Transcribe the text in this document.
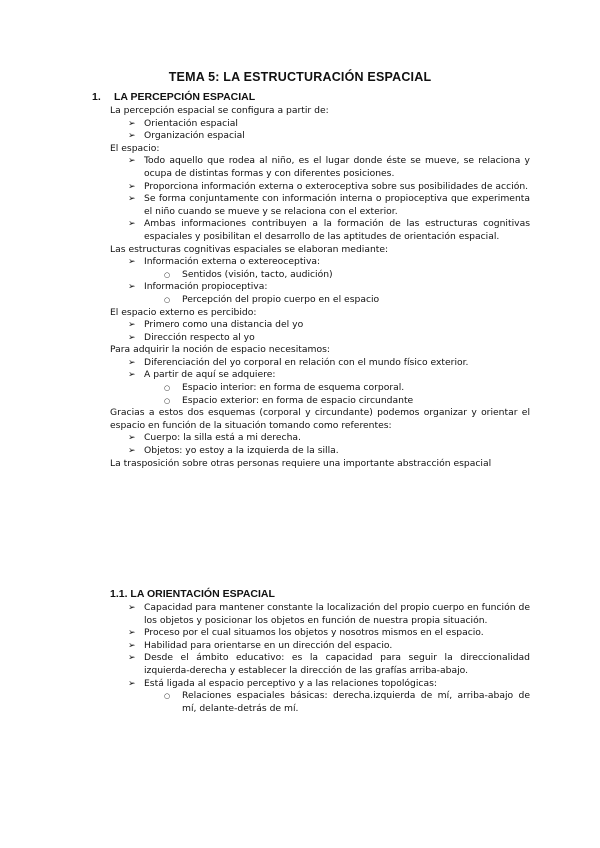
TEMA 5: LA ESTRUCTURACIÓN ESPACIAL
1. LA PERCEPCIÓN ESPACIAL

La percepción espacial se configura a partir de:

➢ Orientación espacial
➢ Organización espacial

El espacio:

➢ Todo aquello que rodea al niño, es el lugar donde éste se mueve, se relaciona y ocupa de distintas formas y con diferentes posiciones.
➢ Proporciona información externa o exteroceptiva sobre sus posibilidades de acción.
➢ Se forma conjuntamente con información interna o propioceptiva que experimenta el niño cuando se mueve y se relaciona con el exterior.
➢ Ambas informaciones contribuyen a la formación de las estructuras cognitivas espaciales y posibilitan el desarrollo de las aptitudes de orientación espacial.

Las estructuras cognitivas espaciales se elaboran mediante:

➢ Información externa o extereoceptiva:
○ Sentidos (visión, tacto, audición)
➢ Información propioceptiva:
○ Percepción del propio cuerpo en el espacio

El espacio externo es percibido:

➢ Primero como una distancia del yo
➢ Dirección respecto al yo

Para adquirir la noción de espacio necesitamos:

➢ Diferenciación del yo corporal en relación con el mundo físico exterior.
➢ A partir de aquí se adquiere:
○ Espacio interior: en forma de esquema corporal.
○ Espacio exterior: en forma de espacio circundante

Gracias a estos dos esquemas (corporal y circundante) podemos organizar y orientar el espacio en función de la situación tomando como referentes:

➢ Cuerpo: la silla está a mi derecha.
➢ Objetos: yo estoy a la izquierda de la silla.

La trasposición sobre otras personas requiere una importante abstracción espacial

1.1. LA ORIENTACIÓN ESPACIAL
➢ Capacidad para mantener constante la localización del propio cuerpo en función de los objetos y posicionar los objetos en función de nuestra propia situación.
➢ Proceso por el cual situamos los objetos y nosotros mismos en el espacio.
➢ Habilidad para orientarse en un dirección del espacio.
➢ Desde el ámbito educativo: es la capacidad para seguir la direccionalidad izquierda-derecha y establecer la dirección de las grafías arriba-abajo.
➢ Está ligada al espacio perceptivo y a las relaciones topológicas:
○ Relaciones espaciales básicas: derecha.izquierda de mí, arriba-abajo de mí, delante-detrás de mí.
